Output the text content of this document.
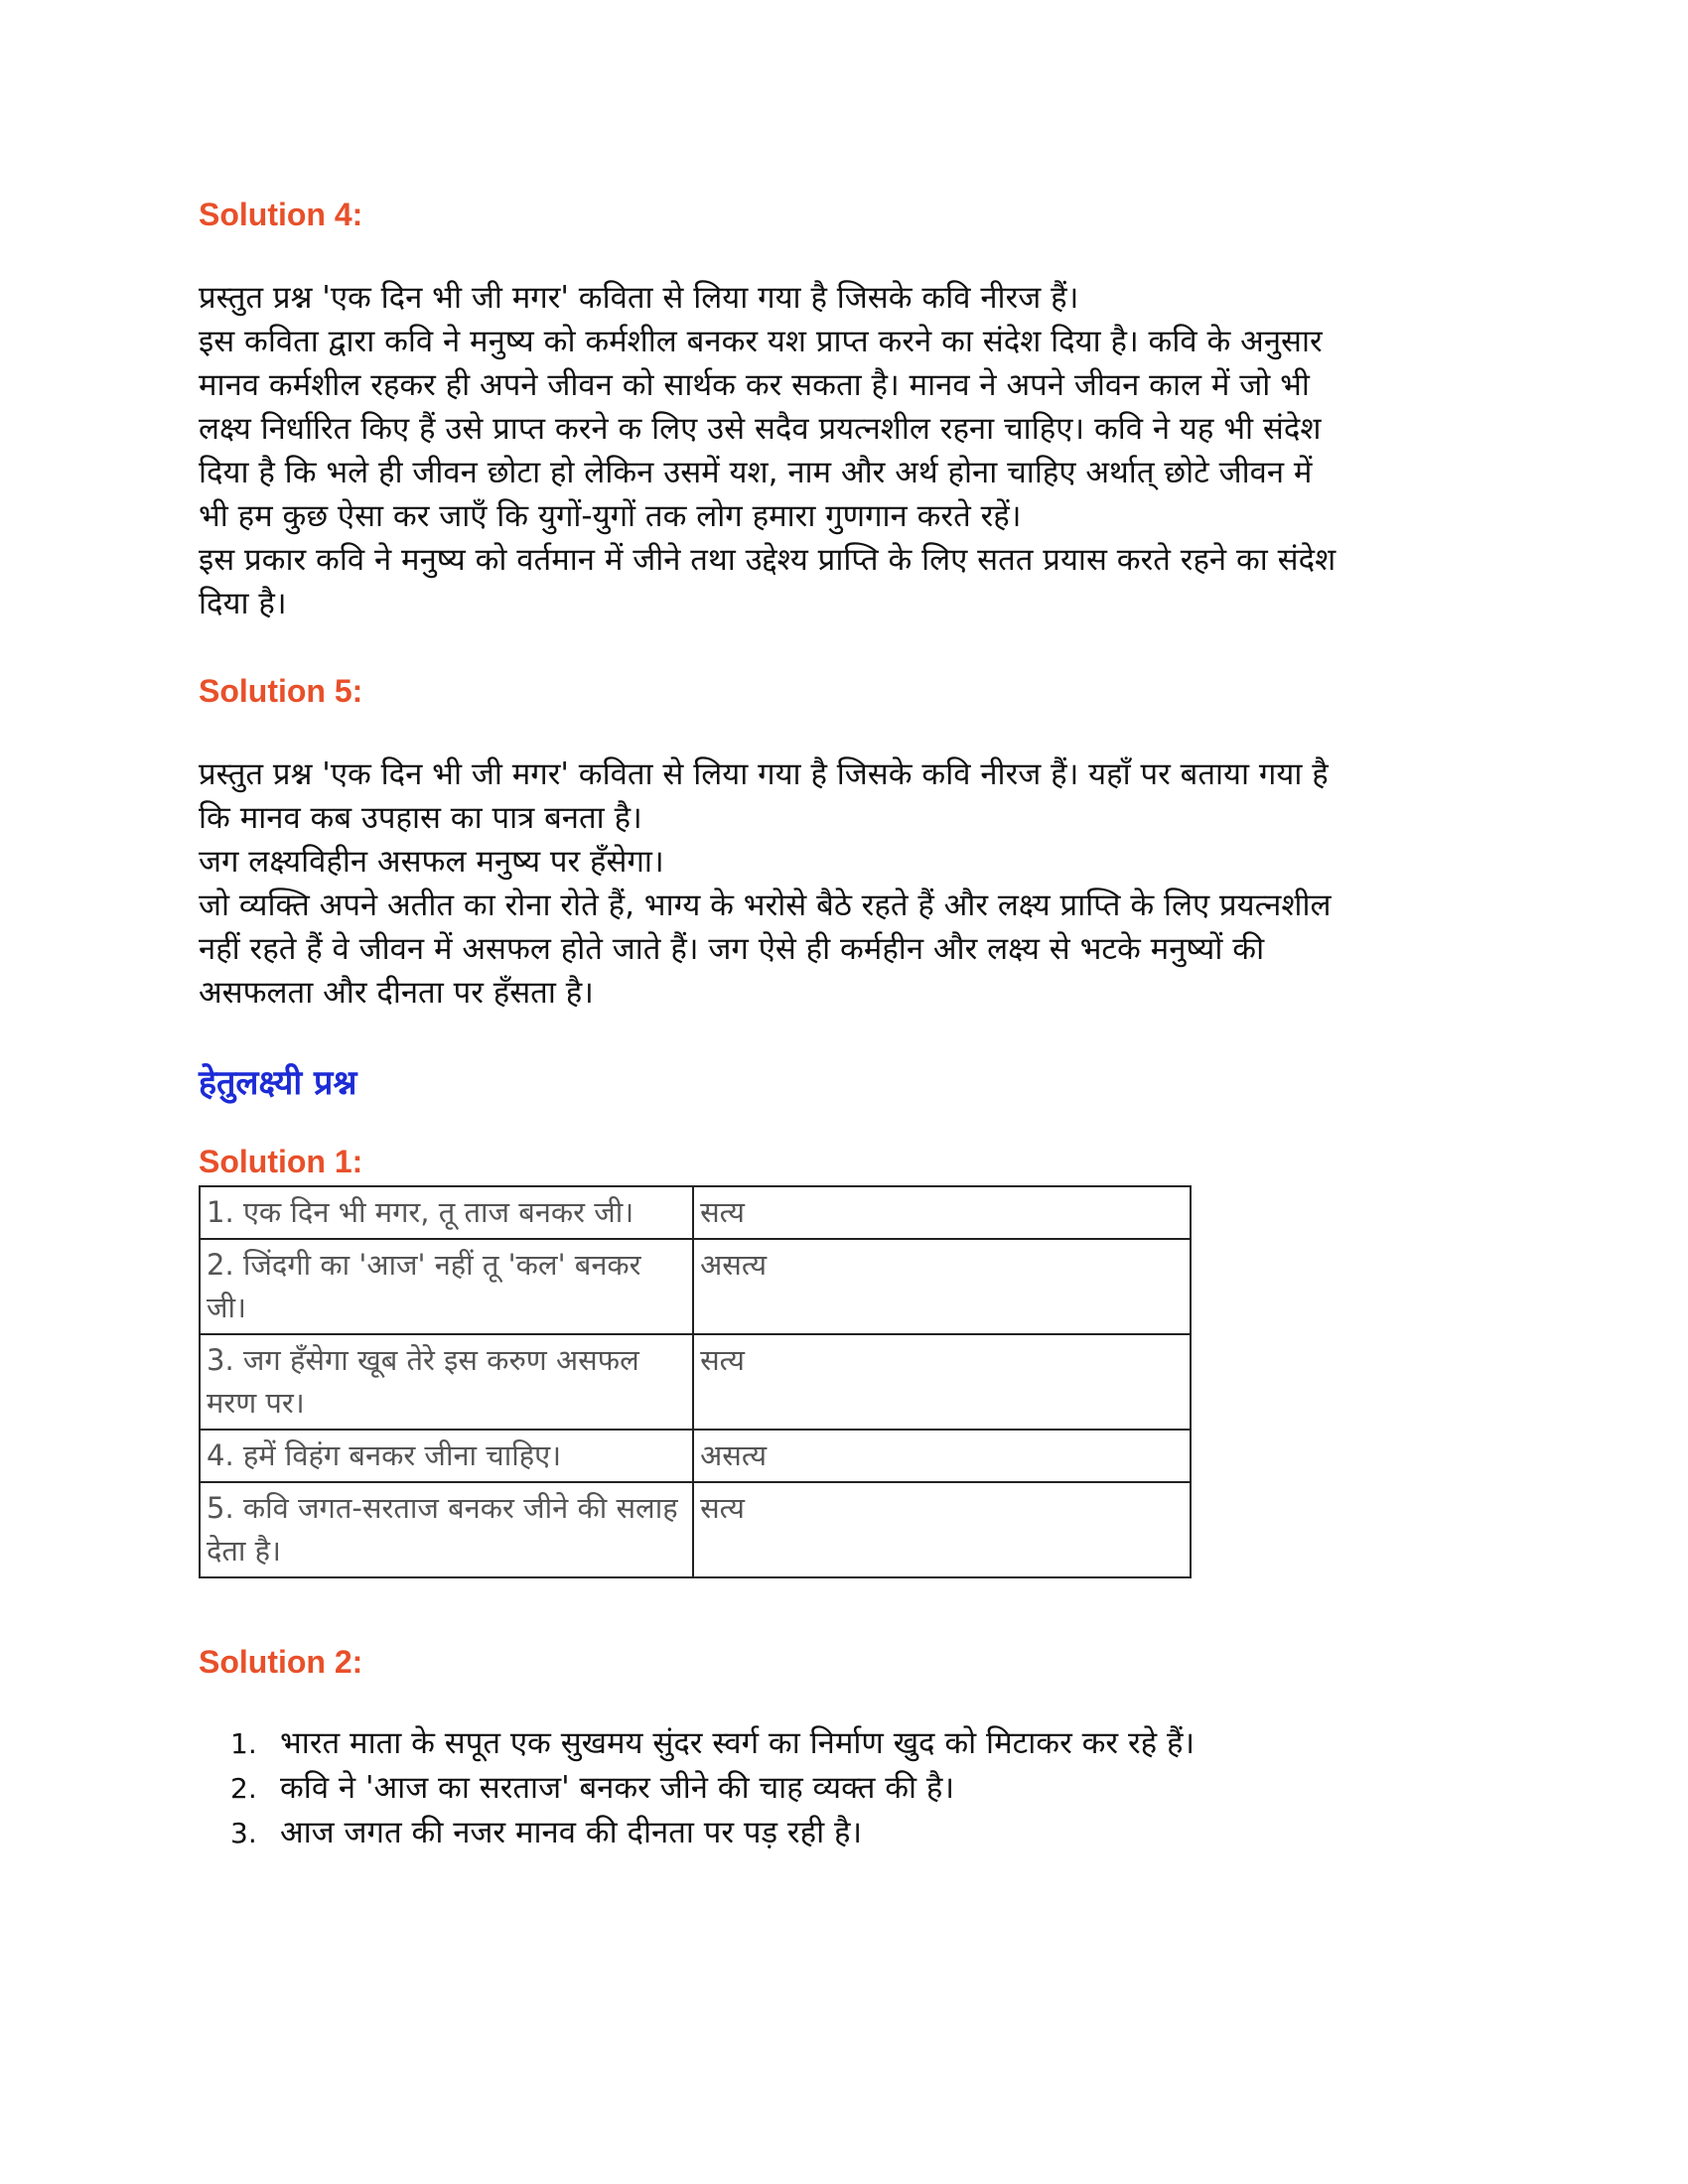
Solution 4:

प्रस्तुत प्रश्न 'एक दिन भी जी मगर' कविता से लिया गया है जिसके कवि नीरज हैं।

इस कविता द्वारा कवि ने मनुष्य को कर्मशील बनकर यश प्राप्त करने का संदेश दिया है। कवि के अनुसार

मानव कर्मशील रहकर ही अपने जीवन को सार्थक कर सकता है। मानव ने अपने जीवन काल में जो भी

लक्ष्य निर्धारित किए हैं उसे प्राप्त करने क लिए उसे सदैव प्रयत्नशील रहना चाहिए। कवि ने यह भी संदेश

दिया है कि भले ही जीवन छोटा हो लेकिन उसमें यश, नाम और अर्थ होना चाहिए अर्थात् छोटे जीवन में

भी हम कुछ ऐसा कर जाएँ कि युगों-युगों तक लोग हमारा गुणगान करते रहें।

इस प्रकार कवि ने मनुष्य को वर्तमान में जीने तथा उद्देश्य प्राप्ति के लिए सतत प्रयास करते रहने का संदेश

दिया है।

Solution 5:

प्रस्तुत प्रश्न 'एक दिन भी जी मगर' कविता से लिया गया है जिसके कवि नीरज हैं। यहाँ पर बताया गया है

कि मानव कब उपहास का पात्र बनता है।

जग लक्ष्यविहीन असफल मनुष्य पर हँसेगा।

जो व्यक्ति अपने अतीत का रोना रोते हैं, भाग्य के भरोसे बैठे रहते हैं और लक्ष्य प्राप्ति के लिए प्रयत्नशील

नहीं रहते हैं वे जीवन में असफल होते जाते हैं। जग ऐसे ही कर्महीन और लक्ष्य से भटके मनुष्यों की

असफलता और दीनता पर हँसता है।

हेतुलक्ष्यी प्रश्न
Solution 1:
1. एक दिन भी मगर, तू ताज बनकर जी।	सत्य
2. जिंदगी का 'आज' नहीं तू 'कल' बनकर जी।	असत्य
3. जग हँसेगा खूब तेरे इस करुण असफल मरण पर।	सत्य
4. हमें विहंग बनकर जीना चाहिए।	असत्य
5. कवि जगत-सरताज बनकर जीने की सलाह देता है।	सत्य
Solution 2:
1. भारत माता के सपूत एक सुखमय सुंदर स्वर्ग का निर्माण खुद को मिटाकर कर रहे हैं।
2. कवि ने 'आज का सरताज' बनकर जीने की चाह व्यक्त की है।
3. आज जगत की नजर मानव की दीनता पर पड़ रही है।
